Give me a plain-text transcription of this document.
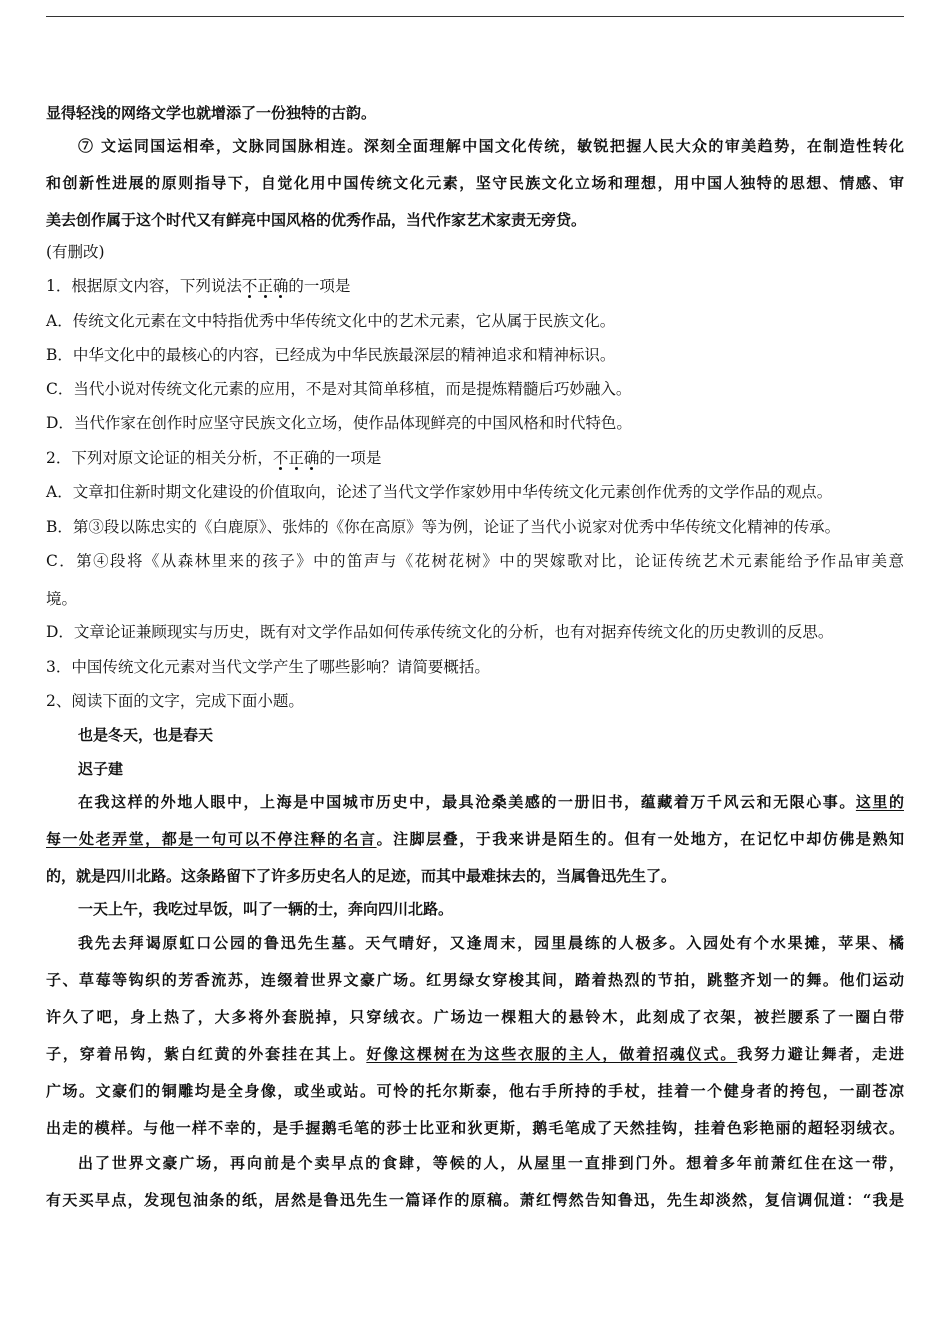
显得轻浅的网络文学也就增添了一份独特的古韵。
⑦ 文运同国运相牵，文脉同国脉相连。深刻全面理解中国文化传统，敏锐把握人民大众的审美趋势，在制造性转化
和创新性进展的原则指导下，自觉化用中国传统文化元素，坚守民族文化立场和理想，用中国人独特的思想、情感、审
美去创作属于这个时代又有鲜亮中国风格的优秀作品，当代作家艺术家责无旁贷。
(有删改)
1．根据原文内容，下列说法不正确的一项是
A．传统文化元素在文中特指优秀中华传统文化中的艺术元素，它从属于民族文化。
B．中华文化中的最核心的内容，已经成为中华民族最深层的精神追求和精神标识。
C．当代小说对传统文化元素的应用，不是对其简单移植，而是提炼精髓后巧妙融入。
D．当代作家在创作时应坚守民族文化立场，使作品体现鲜亮的中国风格和时代特色。
2．下列对原文论证的相关分析，不正确的一项是
A．文章扣住新时期文化建设的价值取向，论述了当代文学作家妙用中华传统文化元素创作优秀的文学作品的观点。
B．第③段以陈忠实的《白鹿原》、张炜的《你在高原》等为例，论证了当代小说家对优秀中华传统文化精神的传承。
C．第④段将《从森林里来的孩子》中的笛声与《花树花树》中的哭嫁歌对比，论证传统艺术元素能给予作品审美意
境。
D．文章论证兼顾现实与历史，既有对文学作品如何传承传统文化的分析，也有对据弃传统文化的历史教训的反思。
3．中国传统文化元素对当代文学产生了哪些影响？请简要概括。
2、阅读下面的文字，完成下面小题。
也是冬天，也是春天
迟子建
在我这样的外地人眼中，上海是中国城市历史中，最具沧桑美感的一册旧书，蕴藏着万千风云和无限心事。这里的
每一处老弄堂，都是一句可以不停注释的名言。注脚层叠，于我来讲是陌生的。但有一处地方，在记忆中却仿佛是熟知
的，就是四川北路。这条路留下了许多历史名人的足迹，而其中最难抹去的，当属鲁迅先生了。
一天上午，我吃过早饭，叫了一辆的士，奔向四川北路。
我先去拜谒原虹口公园的鲁迅先生墓。天气晴好，又逢周末，园里晨练的人极多。入园处有个水果摊，苹果、橘
子、草莓等钩织的芳香流苏，连缀着世界文豪广场。红男绿女穿梭其间，踏着热烈的节拍，跳整齐划一的舞。他们运动
许久了吧，身上热了，大多将外套脱掉，只穿绒衣。广场边一棵粗大的悬铃木，此刻成了衣架，被拦腰系了一圈白带
子，穿着吊钩，紫白红黄的外套挂在其上。好像这棵树在为这些衣服的主人，做着招魂仪式。我努力避让舞者，走进
广场。文豪们的铜雕均是全身像，或坐或站。可怜的托尔斯泰，他右手所持的手杖，挂着一个健身者的挎包，一副苍凉
出走的模样。与他一样不幸的，是手握鹅毛笔的莎士比亚和狄更斯，鹅毛笔成了天然挂钩，挂着色彩艳丽的超轻羽绒衣。
出了世界文豪广场，再向前是个卖早点的食肆，等候的人，从屋里一直排到门外。想着多年前萧红住在这一带，
有天买早点，发现包油条的纸，居然是鲁迅先生一篇译作的原稿。萧红愕然告知鲁迅，先生却淡然，复信调侃道：“我是
